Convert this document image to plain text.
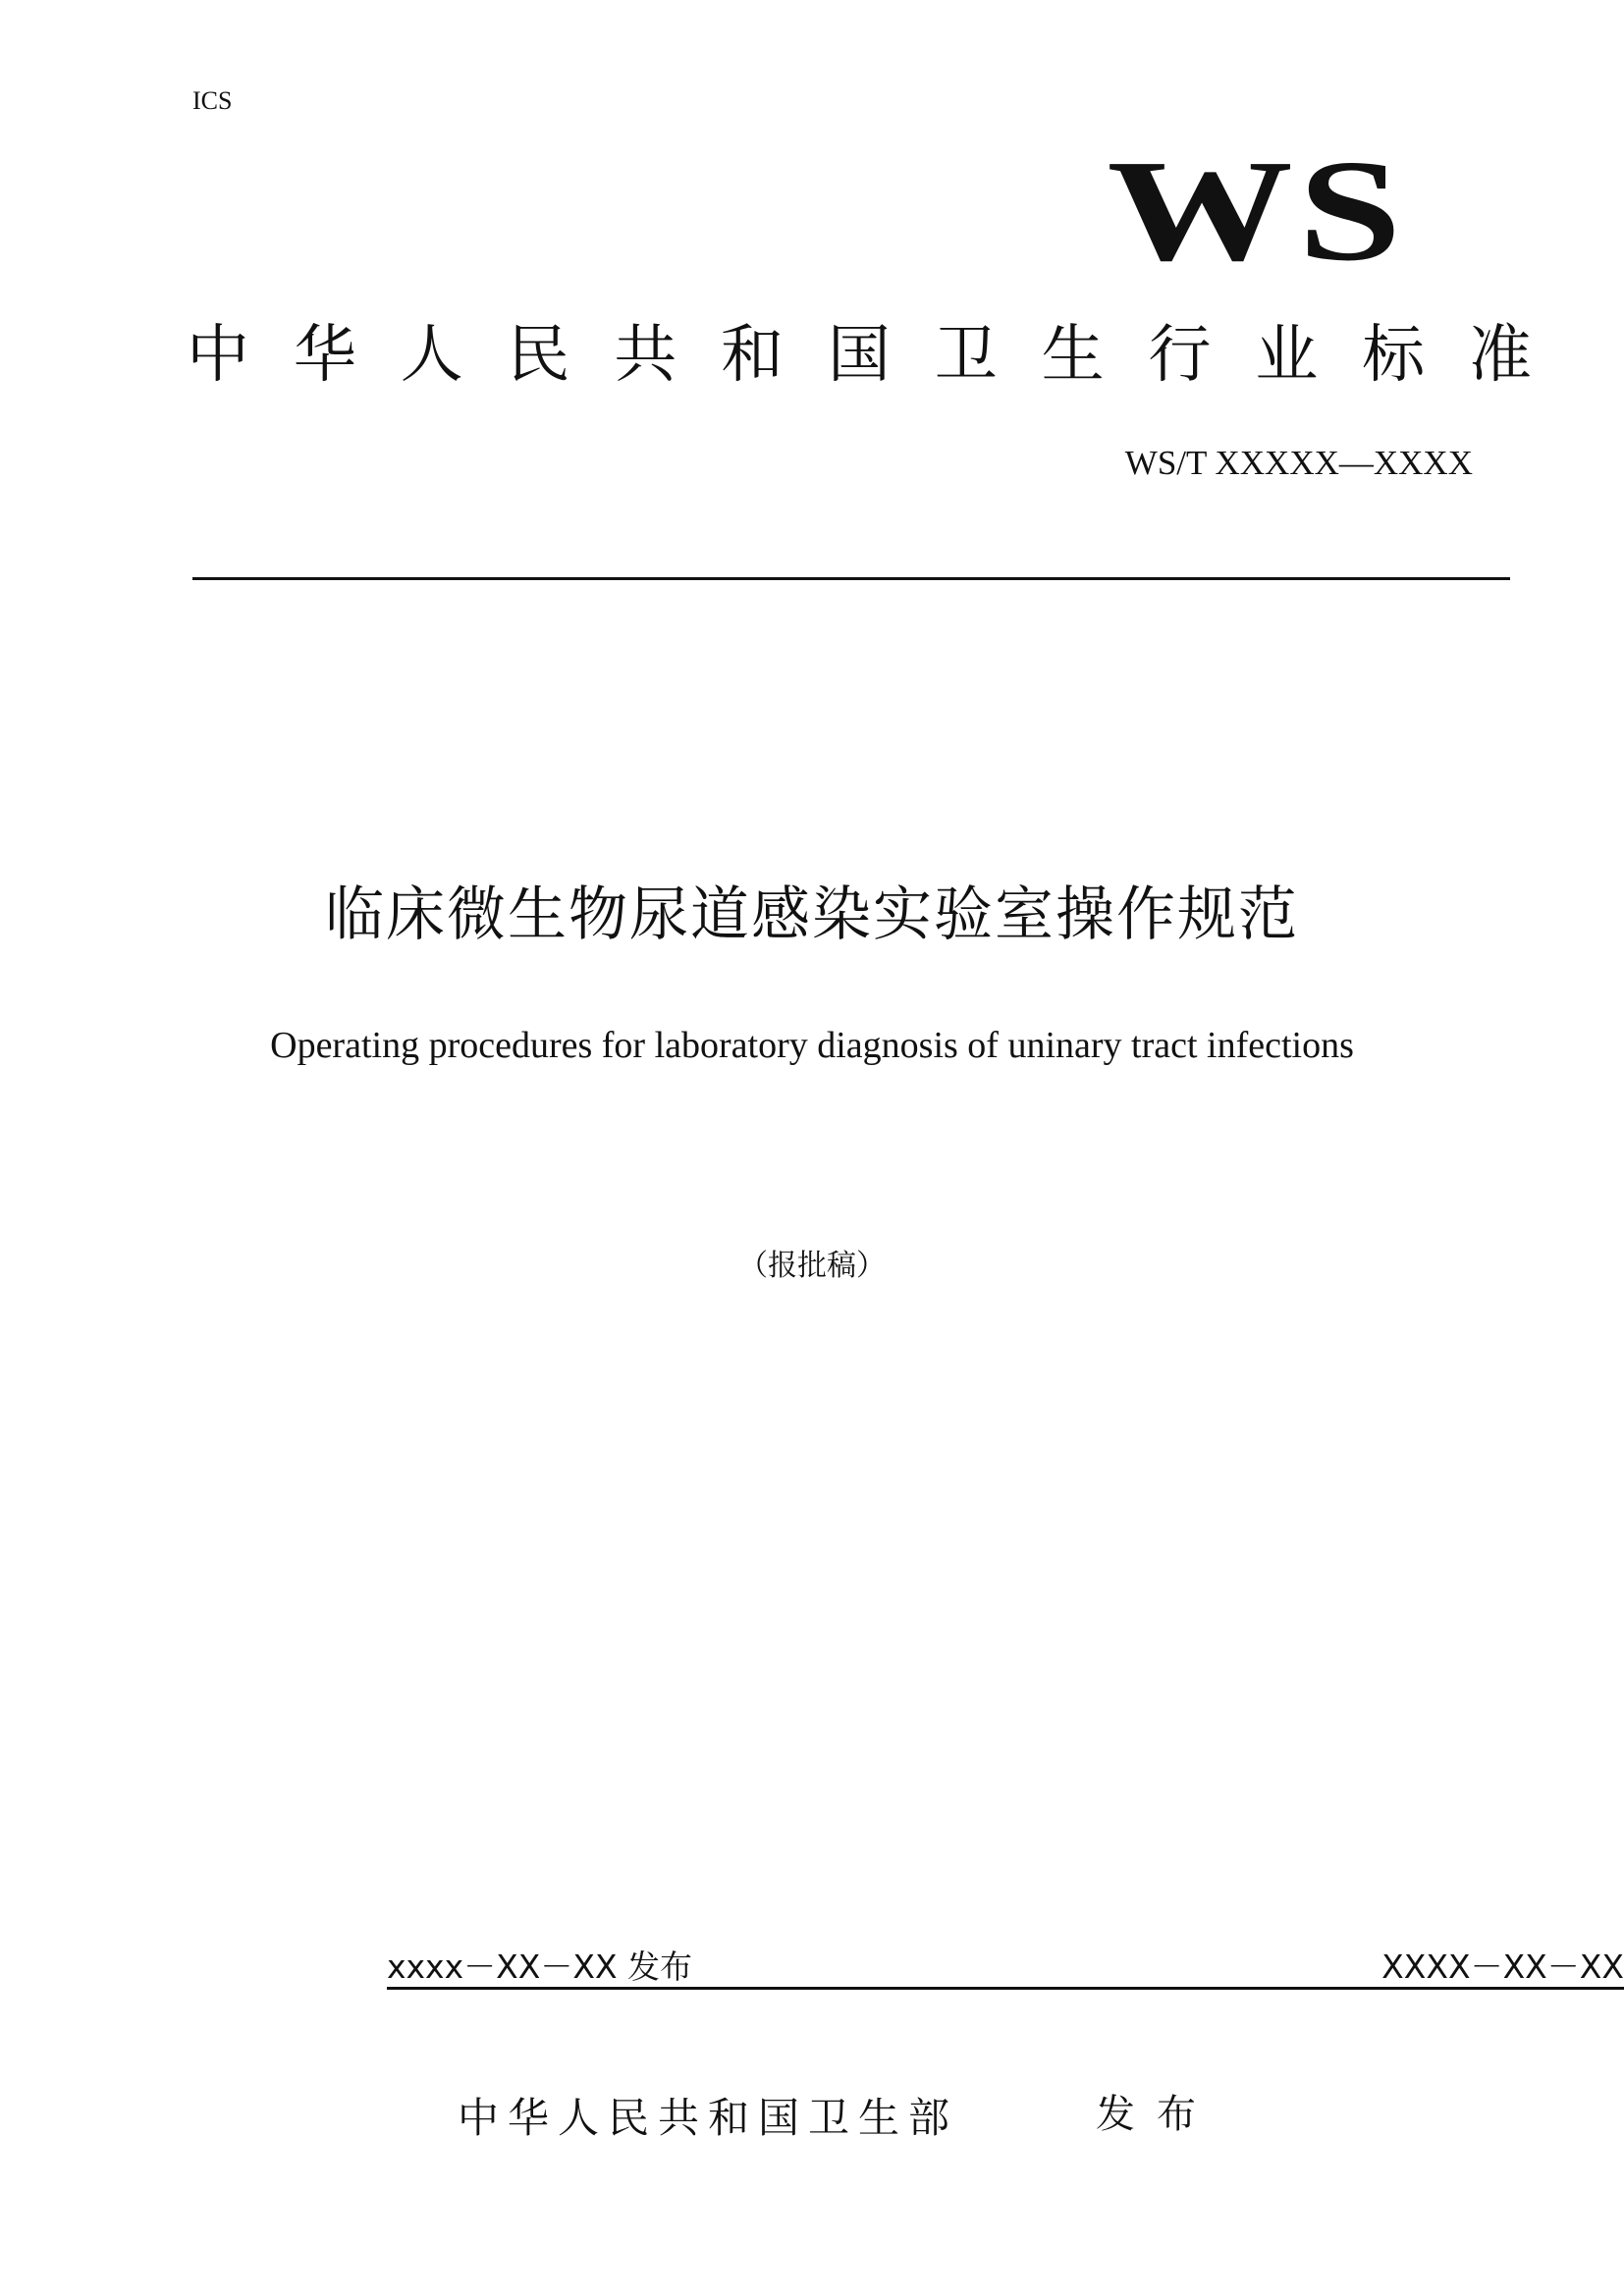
ICS
WS
中 华 人 民 共 和 国 卫 生 行 业 标 准
WS/T XXXXX—XXXX
临床微生物尿道感染实验室操作规范
Operating procedures for laboratory diagnosis of uninary tract infections
（报批稿）
xxxx－XX－XX 发布	XXXX－XX－XX
中华人民共和国卫生部	发布
